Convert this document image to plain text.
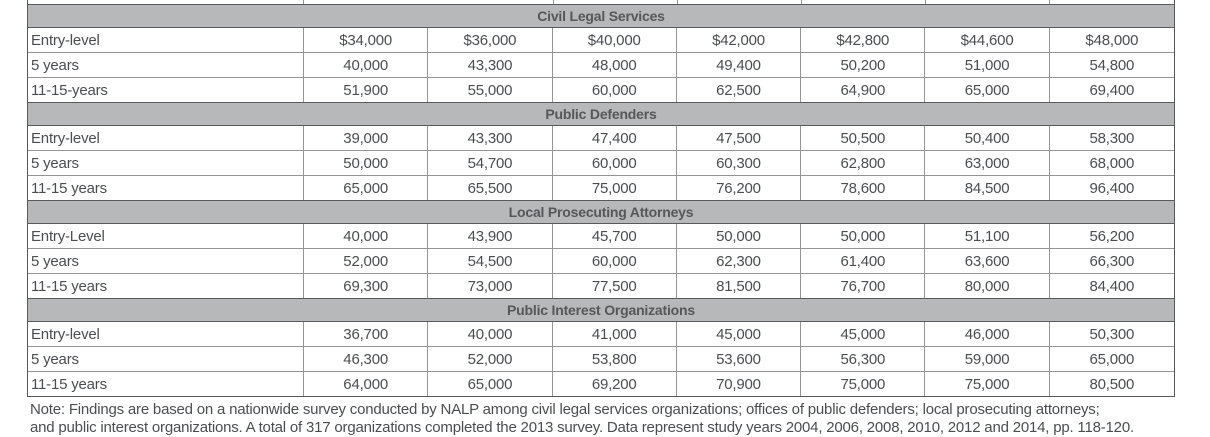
Civil Legal Services
Entry-level	$34,000	$36,000	$40,000	$42,000	$42,800	$44,600	$48,000
5 years	40,000	43,300	48,000	49,400	50,200	51,000	54,800
11-15-years	51,900	55,000	60,000	62,500	64,900	65,000	69,400
Public Defenders
Entry-level	39,000	43,300	47,400	47,500	50,500	50,400	58,300
5 years	50,000	54,700	60,000	60,300	62,800	63,000	68,000
11-15 years	65,000	65,500	75,000	76,200	78,600	84,500	96,400
Local Prosecuting Attorneys
Entry-Level	40,000	43,900	45,700	50,000	50,000	51,100	56,200
5 years	52,000	54,500	60,000	62,300	61,400	63,600	66,300
11-15 years	69,300	73,000	77,500	81,500	76,700	80,000	84,400
Public Interest Organizations
Entry-level	36,700	40,000	41,000	45,000	45,000	46,000	50,300
5 years	46,300	52,000	53,800	53,600	56,300	59,000	65,000
11-15 years	64,000	65,000	69,200	70,900	75,000	75,000	80,500
Note: Findings are based on a nationwide survey conducted by NALP among civil legal services organizations; offices of public defenders; local prosecuting attorneys;
and public interest organizations. A total of 317 organizations completed the 2013 survey. Data represent study years 2004, 2006, 2008, 2010, 2012 and 2014, pp. 118-120.
